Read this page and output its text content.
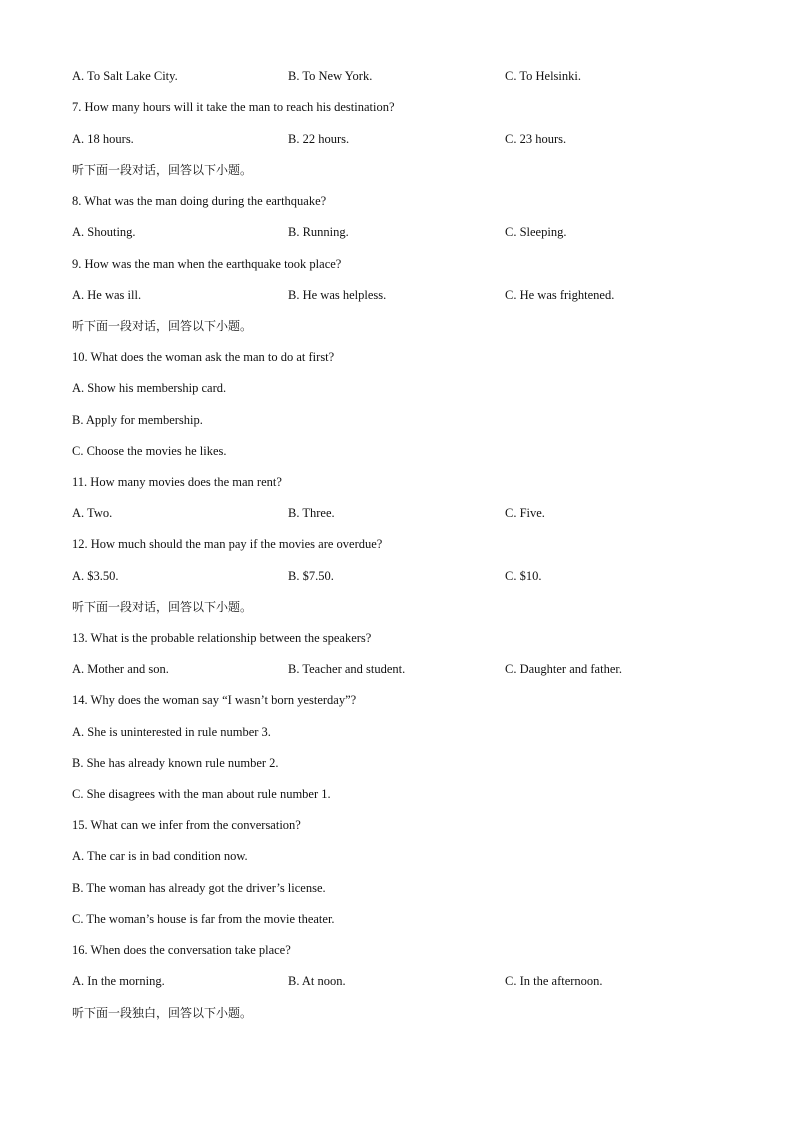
A. To Salt Lake City.	B. To New York.	C. To Helsinki.
7. How many hours will it take the man to reach his destination?
A. 18 hours.	B. 22 hours.	C. 23 hours.
听下面一段对话，回答以下小题。
8. What was the man doing during the earthquake?
A. Shouting.	B. Running.	C. Sleeping.
9. How was the man when the earthquake took place?
A. He was ill.	B. He was helpless.	C. He was frightened.
听下面一段对话，回答以下小题。
10. What does the woman ask the man to do at first?
A. Show his membership card.
B. Apply for membership.
C. Choose the movies he likes.
11. How many movies does the man rent?
A. Two.	B. Three.	C. Five.
12. How much should the man pay if the movies are overdue?
A. $3.50.	B. $7.50.	C. $10.
听下面一段对话，回答以下小题。
13. What is the probable relationship between the speakers?
A. Mother and son.	B. Teacher and student.	C. Daughter and father.
14. Why does the woman say “I wasn’t born yesterday”?
A. She is uninterested in rule number 3.
B. She has already known rule number 2.
C. She disagrees with the man about rule number 1.
15. What can we infer from the conversation?
A. The car is in bad condition now.
B. The woman has already got the driver’s license.
C. The woman’s house is far from the movie theater.
16. When does the conversation take place?
A. In the morning.	B. At noon.	C. In the afternoon.
听下面一段独白，回答以下小题。
